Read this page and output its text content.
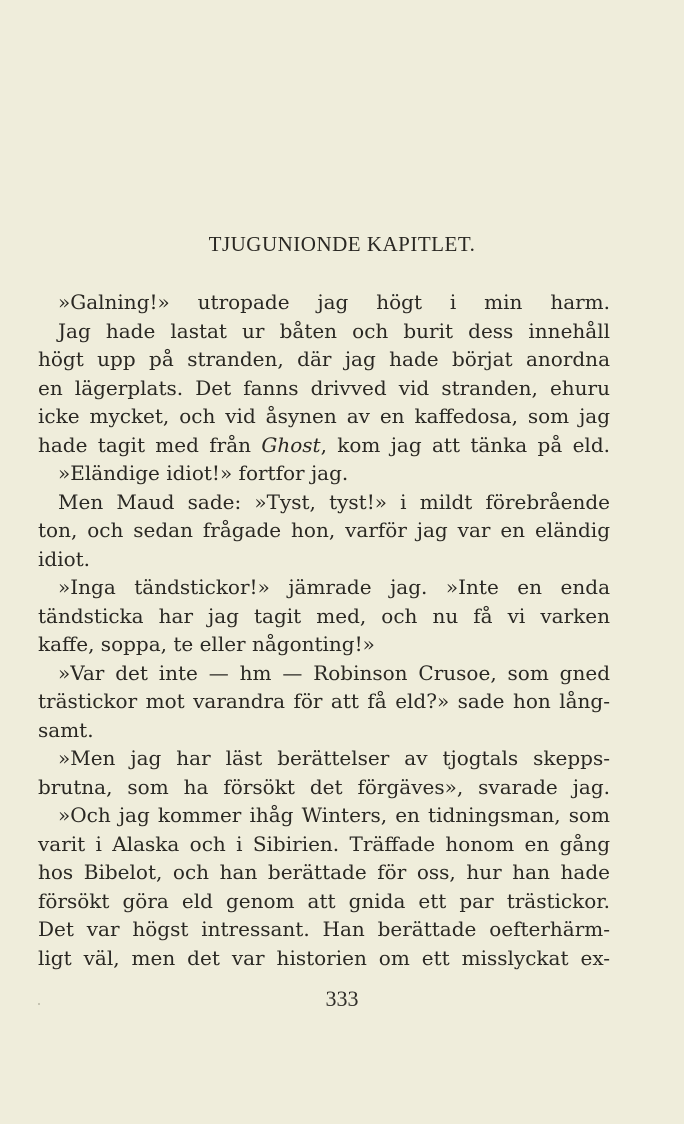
TJUGUNIONDE KAPITLET.
»Galning!» utropade jag högt i min harm.
Jag hade lastat ur båten och burit dess innehåll
högt upp på stranden, där jag hade börjat anordna
en lägerplats. Det fanns drivved vid stranden, ehuru
icke mycket, och vid åsynen av en kaffedosa, som jag
hade tagit med från Ghost, kom jag att tänka på eld.
»Eländige idiot!» fortfor jag.
Men Maud sade: »Tyst, tyst!» i mildt förebrående
ton, och sedan frågade hon, varför jag var en eländig
idiot.
»Inga tändstickor!» jämrade jag. »Inte en enda
tändsticka har jag tagit med, och nu få vi varken
kaffe, soppa, te eller någonting!»
»Var det inte — hm — Robinson Crusoe, som gned
trästickor mot varandra för att få eld?» sade hon lång-
samt.
»Men jag har läst berättelser av tjogtals skepps-
brutna, som ha försökt det förgäves», svarade jag.
»Och jag kommer ihåg Winters, en tidningsman, som
varit i Alaska och i Sibirien. Träffade honom en gång
hos Bibelot, och han berättade för oss, hur han hade
försökt göra eld genom att gnida ett par trästickor.
Det var högst intressant. Han berättade oefterhärm-
ligt väl, men det var historien om ett misslyckat ex-
333
